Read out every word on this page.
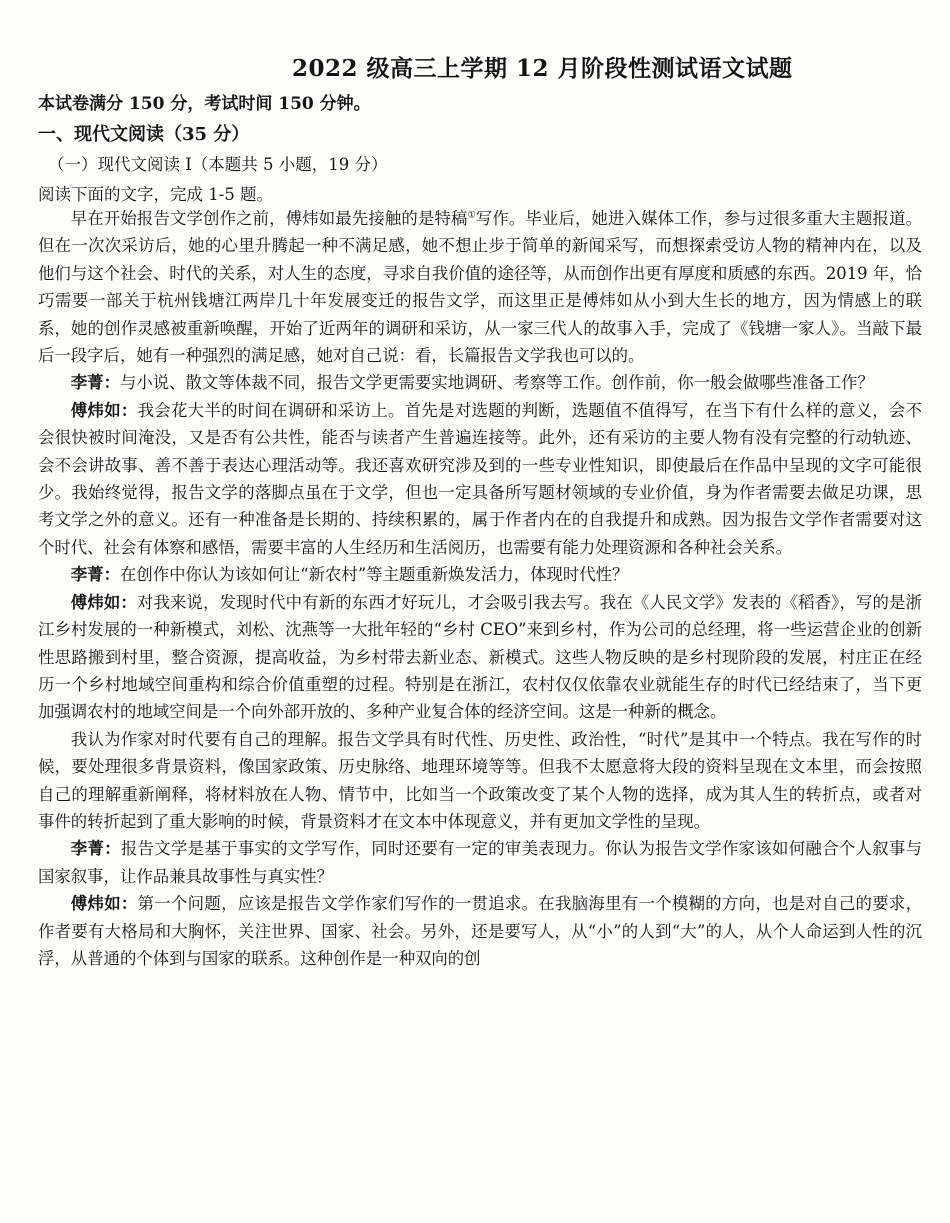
2022 级高三上学期 12 月阶段性测试语文试题
本试卷满分 150 分，考试时间 150 分钟。
一、现代文阅读（35 分）
（一）现代文阅读 I（本题共 5 小题，19 分）
阅读下面的文字，完成 1-5 题。

早在开始报告文学创作之前，傅炜如最先接触的是特稿①写作。毕业后，她进入媒体工作，参与过很多重大主题报道。但在一次次采访后，她的心里升腾起一种不满足感，她不想止步于简单的新闻采写，而想探索受访人物的精神内在，以及他们与这个社会、时代的关系，对人生的态度，寻求自我价值的途径等，从而创作出更有厚度和质感的东西。2019 年，恰巧需要一部关于杭州钱塘江两岸几十年发展变迁的报告文学，而这里正是傅炜如从小到大生长的地方，因为情感上的联系，她的创作灵感被重新唤醒，开始了近两年的调研和采访，从一家三代人的故事入手，完成了《钱塘一家人》。当敲下最后一段字后，她有一种强烈的满足感，她对自己说：看，长篇报告文学我也可以的。

李菁：与小说、散文等体裁不同，报告文学更需要实地调研、考察等工作。创作前，你一般会做哪些准备工作？

傅炜如：我会花大半的时间在调研和采访上。首先是对选题的判断，选题值不值得写，在当下有什么样的意义，会不会很快被时间淹没，又是否有公共性，能否与读者产生普遍连接等。此外，还有采访的主要人物有没有完整的行动轨迹、会不会讲故事、善不善于表达心理活动等。我还喜欢研究涉及到的一些专业性知识，即使最后在作品中呈现的文字可能很少。我始终觉得，报告文学的落脚点虽在于文学，但也一定具备所写题材领域的专业价值，身为作者需要去做足功课，思考文学之外的意义。还有一种准备是长期的、持续积累的，属于作者内在的自我提升和成熟。因为报告文学作者需要对这个时代、社会有体察和感悟，需要丰富的人生经历和生活阅历，也需要有能力处理资源和各种社会关系。

李菁：在创作中你认为该如何让“新农村”等主题重新焕发活力，体现时代性？

傅炜如：对我来说，发现时代中有新的东西才好玩儿，才会吸引我去写。我在《人民文学》发表的《稻香》，写的是浙江乡村发展的一种新模式，刘松、沈燕等一大批年轻的“乡村 CEO”来到乡村，作为公司的总经理，将一些运营企业的创新性思路搬到村里，整合资源，提高收益，为乡村带去新业态、新模式。这些人物反映的是乡村现阶段的发展，村庄正在经历一个乡村地域空间重构和综合价值重塑的过程。特别是在浙江，农村仅仅依靠农业就能生存的时代已经结束了，当下更加强调农村的地域空间是一个向外部开放的、多种产业复合体的经济空间。这是一种新的概念。

我认为作家对时代要有自己的理解。报告文学具有时代性、历史性、政治性，“时代”是其中一个特点。我在写作的时候，要处理很多背景资料，像国家政策、历史脉络、地理环境等等。但我不太愿意将大段的资料呈现在文本里，而会按照自己的理解重新阐释，将材料放在人物、情节中，比如当一个政策改变了某个人物的选择，成为其人生的转折点，或者对事件的转折起到了重大影响的时候，背景资料才在文本中体现意义，并有更加文学性的呈现。

李菁：报告文学是基于事实的文学写作，同时还要有一定的审美表现力。你认为报告文学作家该如何融合个人叙事与国家叙事，让作品兼具故事性与真实性？

傅炜如：第一个问题，应该是报告文学作家们写作的一贯追求。在我脑海里有一个模糊的方向，也是对自己的要求，作者要有大格局和大胸怀，关注世界、国家、社会。另外，还是要写人，从“小”的人到“大”的人，从个人命运到人性的沉浮，从普通的个体到与国家的联系。这种创作是一种双向的创
